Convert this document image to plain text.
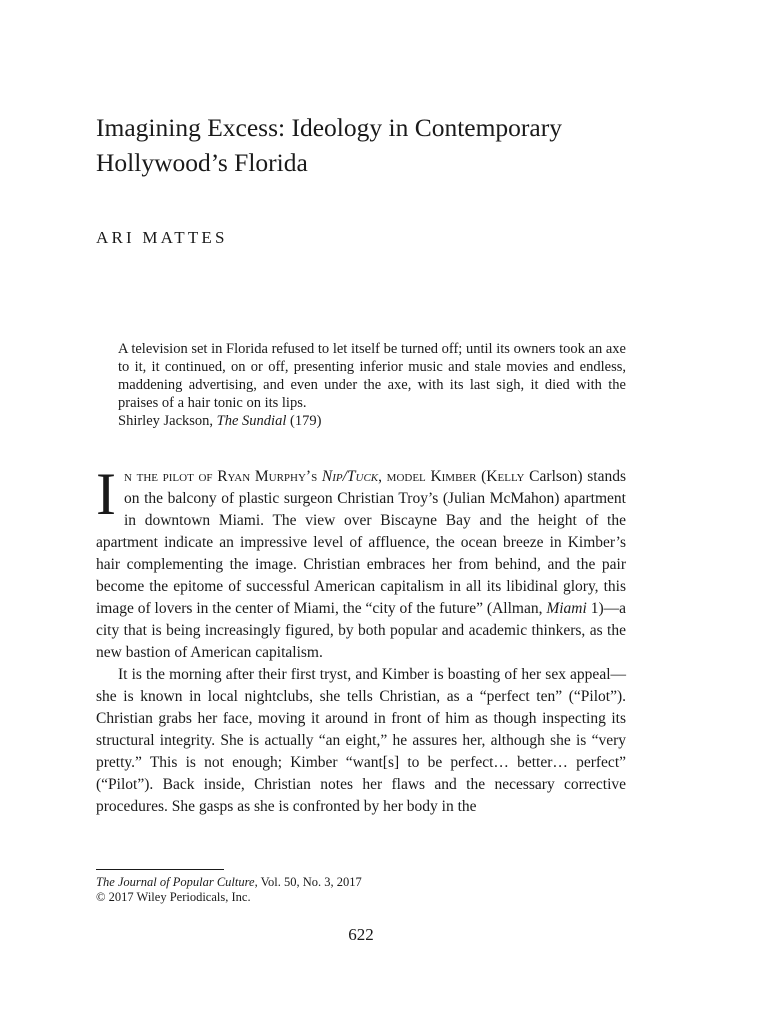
Imagining Excess: Ideology in Contemporary
Hollywood’s Florida
ARI MATTES

A television set in Florida refused to let itself be turned off; until its owners took an axe to it, it continued, on or off, presenting inferior music and stale movies and endless, maddening advertising, and even under the axe, with its last sigh, it died with the praises of a hair tonic on its lips.

Shirley Jackson, The Sundial (179)

In the pilot of Ryan Murphy’s Nip/Tuck, model Kimber (Kelly Carlson) stands on the balcony of plastic surgeon Christian Troy’s (Julian McMahon) apartment in downtown Miami. The view over Biscayne Bay and the height of the apartment indicate an impressive level of affluence, the ocean breeze in Kimber’s hair complementing the image. Christian embraces her from behind, and the pair become the epitome of successful American capitalism in all its libidinal glory, this image of lovers in the center of Miami, the “city of the future” (Allman, Miami 1)—a city that is being increasingly figured, by both popular and academic thinkers, as the new bastion of American capitalism.

It is the morning after their first tryst, and Kimber is boasting of her sex appeal—she is known in local nightclubs, she tells Christian, as a “perfect ten” (“Pilot”). Christian grabs her face, moving it around in front of him as though inspecting its structural integrity. She is actually “an eight,” he assures her, although she is “very pretty.” This is not enough; Kimber “want[s] to be perfect… better… perfect” (“Pilot”). Back inside, Christian notes her flaws and the necessary corrective procedures. She gasps as she is confronted by her body in the

The Journal of Popular Culture, Vol. 50, No. 3, 2017

© 2017 Wiley Periodicals, Inc.

622
